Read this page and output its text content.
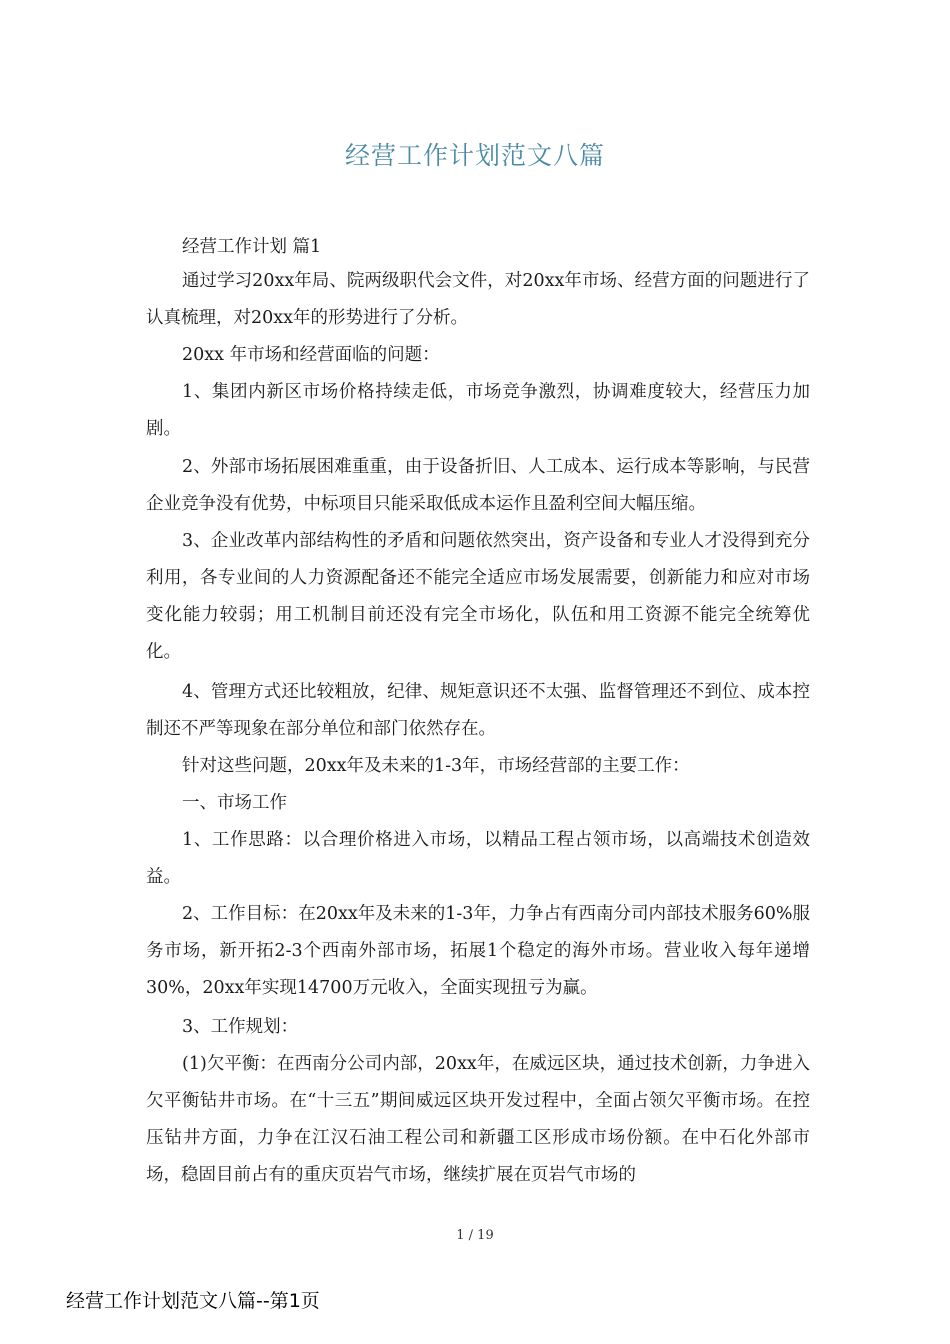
经营工作计划范文八篇

经营工作计划 篇1

通过学习20xx年局、院两级职代会文件，对20xx年市场、经营方面的问题进行了认真梳理，对20xx年的形势进行了分析。

20xx 年市场和经营面临的问题：

1、集团内新区市场价格持续走低，市场竞争激烈，协调难度较大，经营压力加剧。

2、外部市场拓展困难重重，由于设备折旧、人工成本、运行成本等影响，与民营企业竞争没有优势，中标项目只能采取低成本运作且盈利空间大幅压缩。

3、企业改革内部结构性的矛盾和问题依然突出，资产设备和专业人才没得到充分利用，各专业间的人力资源配备还不能完全适应市场发展需要，创新能力和应对市场变化能力较弱；用工机制目前还没有完全市场化，队伍和用工资源不能完全统筹优化。

4、管理方式还比较粗放，纪律、规矩意识还不太强、监督管理还不到位、成本控制还不严等现象在部分单位和部门依然存在。

针对这些问题，20xx年及未来的1-3年，市场经营部的主要工作：

一、市场工作

1、工作思路：以合理价格进入市场，以精品工程占领市场，以高端技术创造效益。

2、工作目标：在20xx年及未来的1-3年，力争占有西南分司内部技术服务60%服务市场，新开拓2-3个西南外部市场，拓展1个稳定的海外市场。营业收入每年递增30%，20xx年实现14700万元收入，全面实现扭亏为赢。

3、工作规划：

(1)欠平衡：在西南分公司内部，20xx年，在威远区块，通过技术创新，力争进入欠平衡钻井市场。在“十三五”期间威远区块开发过程中，全面占领欠平衡市场。在控压钻井方面，力争在江汉石油工程公司和新疆工区形成市场份额。在中石化外部市场，稳固目前占有的重庆页岩气市场，继续扩展在页岩气市场的

1 / 19
经营工作计划范文八篇--第1页
